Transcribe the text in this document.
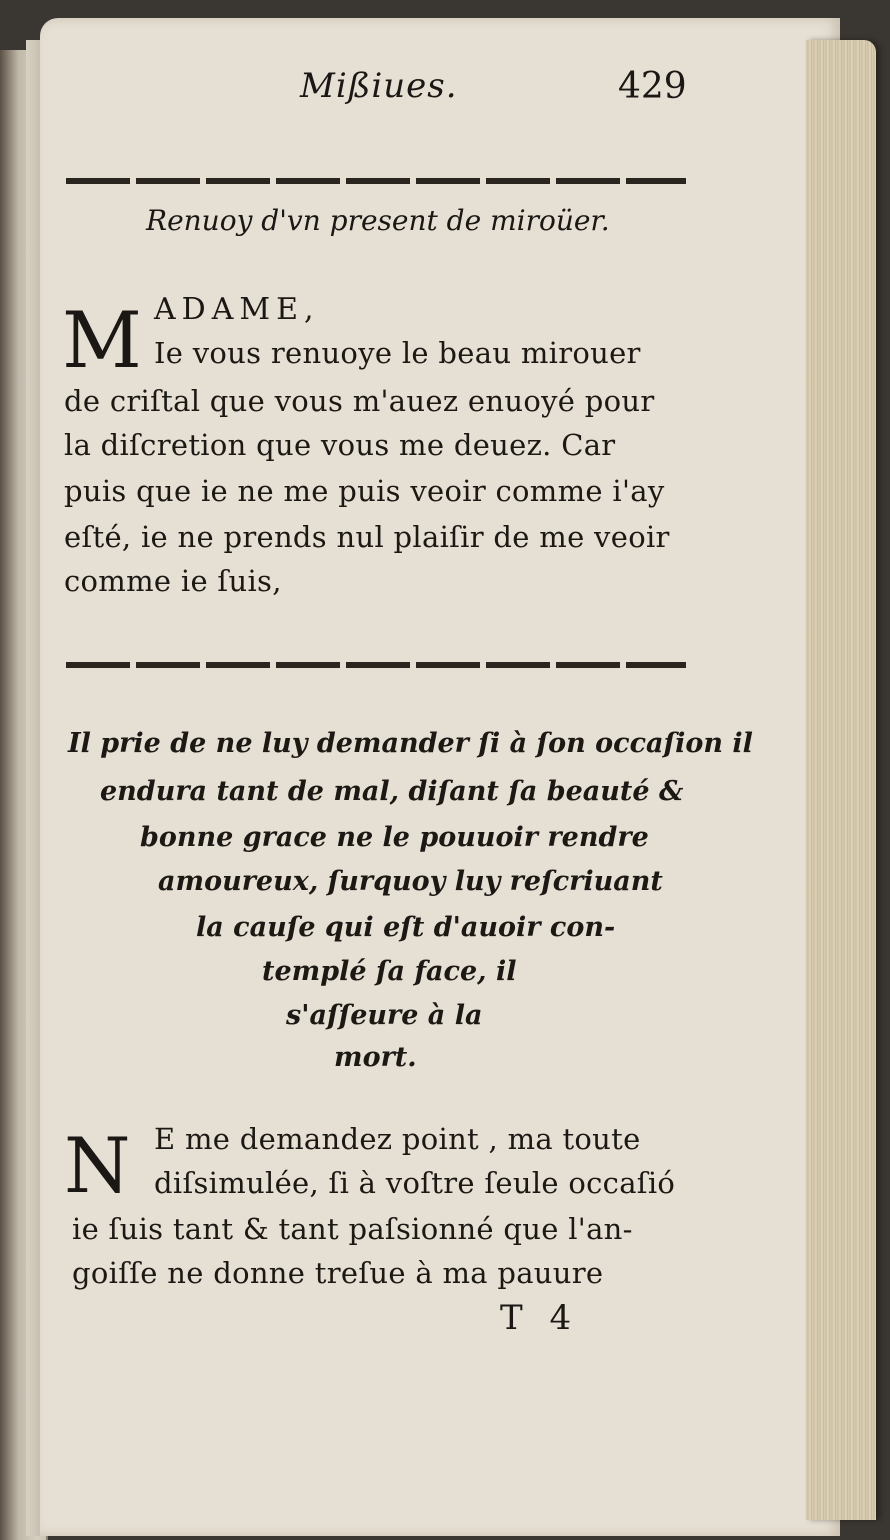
Mißiues.	429
Renuoy d'vn present de miroüer.
M ADAME,
Ie vous renuoye le beau mirouer
de criſtal que vous m'auez enuoyé pour
la diſcretion que vous me deuez. Car
puis que ie ne me puis veoir comme i'ay
eſté, ie ne prends nul plaiſir de me veoir
comme ie ſuis,
Il prie de ne luy demander ſi à ſon occaſion il
endura tant de mal, diſant ſa beauté &
bonne grace ne le pouuoir rendre
amoureux, ſurquoy luy reſcriuant
la cauſe qui eſt d'auoir con-
templé ſa face, il
s'aſſeure à la
mort.
N E me demandez point , ma toute
diſsimulée, ſi à voſtre ſeule occaſió
ie ſuis tant & tant paſsionné que l'an-
goiſſe ne donne treſue à ma pauure
T 4
